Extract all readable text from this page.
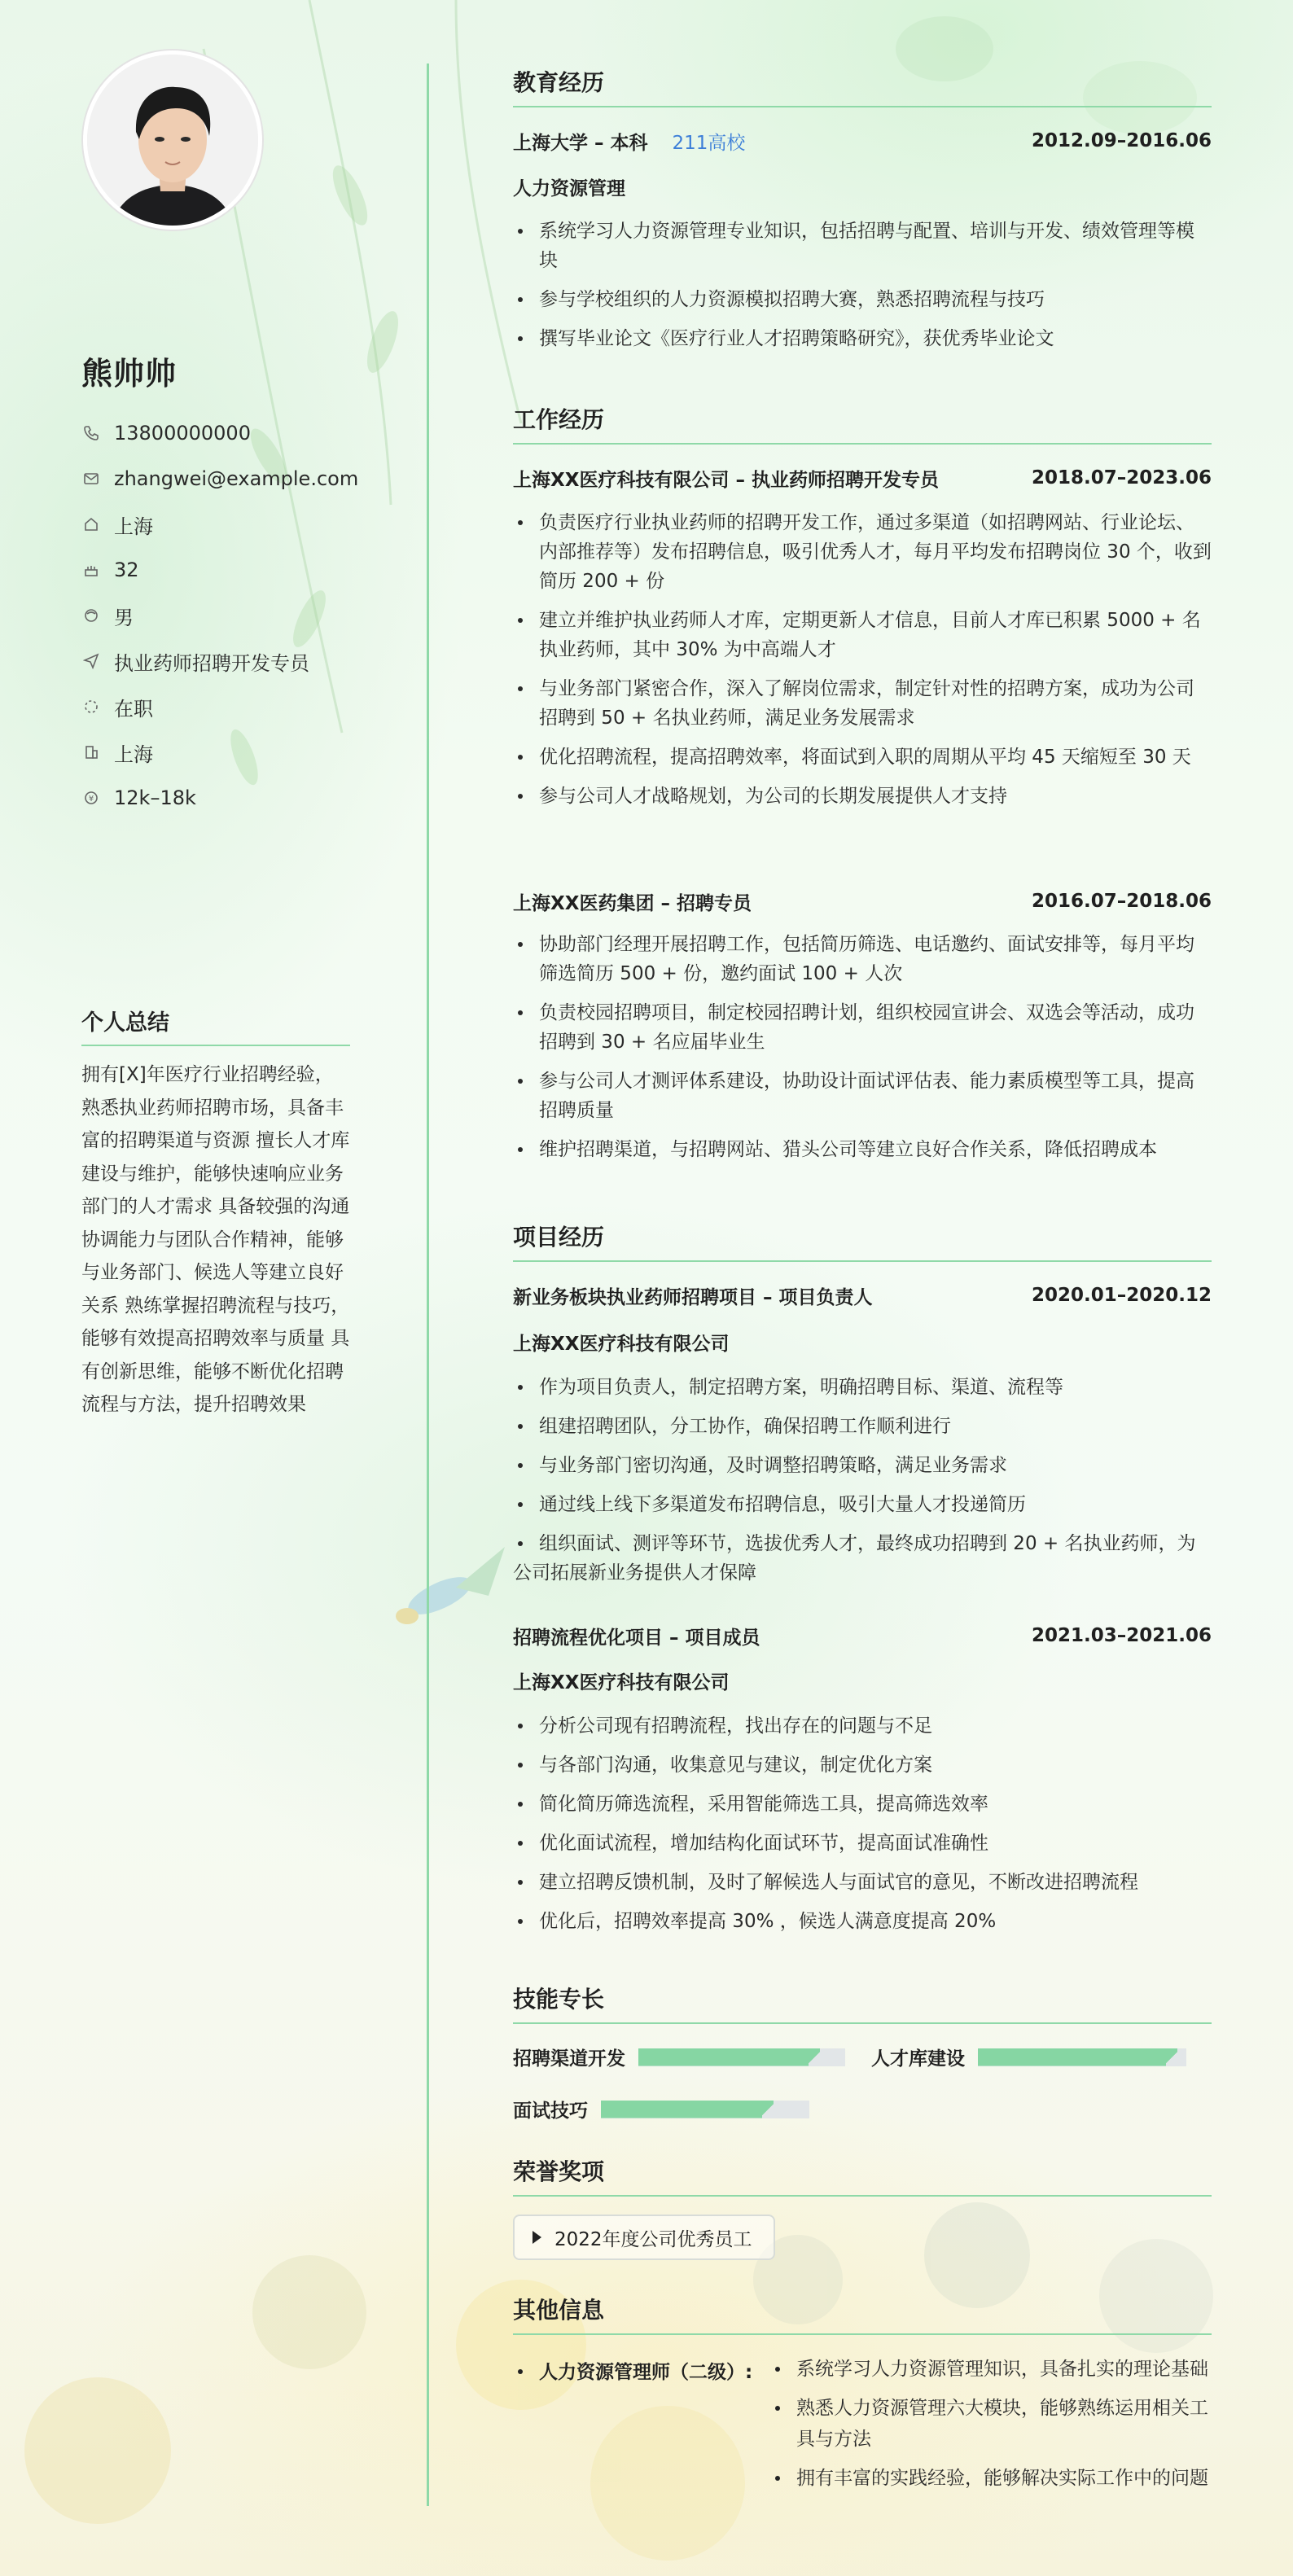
熊帅帅
13800000000
zhangwei@example.com
上海
32
男
执业药师招聘开发专员
在职
上海
¥ 12k–18k
个人总结
拥有[X]年医疗行业招聘经验，熟悉执业药师招聘市场，具备丰富的招聘渠道与资源 擅长人才库建设与维护，能够快速响应业务部门的人才需求 具备较强的沟通协调能力与团队合作精神，能够与业务部门、候选人等建立良好关系 熟练掌握招聘流程与技巧，能够有效提高招聘效率与质量 具有创新思维，能够不断优化招聘流程与方法，提升招聘效果
教育经历
上海大学 – 本科 211高校	2012.09–2016.06
人力资源管理
系统学习人力资源管理专业知识，包括招聘与配置、培训与开发、绩效管理等模块
参与学校组织的人力资源模拟招聘大赛，熟悉招聘流程与技巧
撰写毕业论文《医疗行业人才招聘策略研究》，获优秀毕业论文
工作经历
上海XX医疗科技有限公司 – 执业药师招聘开发专员	2018.07–2023.06
负责医疗行业执业药师的招聘开发工作，通过多渠道（如招聘网站、行业论坛、内部推荐等）发布招聘信息，吸引优秀人才，每月平均发布招聘岗位 30 个，收到简历 200 + 份
建立并维护执业药师人才库，定期更新人才信息，目前人才库已积累 5000 + 名执业药师，其中 30% 为中高端人才
与业务部门紧密合作，深入了解岗位需求，制定针对性的招聘方案，成功为公司招聘到 50 + 名执业药师，满足业务发展需求
优化招聘流程，提高招聘效率，将面试到入职的周期从平均 45 天缩短至 30 天
参与公司人才战略规划，为公司的长期发展提供人才支持
上海XX医药集团 – 招聘专员	2016.07–2018.06
协助部门经理开展招聘工作，包括简历筛选、电话邀约、面试安排等，每月平均筛选简历 500 + 份，邀约面试 100 + 人次
负责校园招聘项目，制定校园招聘计划，组织校园宣讲会、双选会等活动，成功招聘到 30 + 名应届毕业生
参与公司人才测评体系建设，协助设计面试评估表、能力素质模型等工具，提高招聘质量
维护招聘渠道，与招聘网站、猎头公司等建立良好合作关系，降低招聘成本
项目经历
新业务板块执业药师招聘项目 – 项目负责人	2020.01–2020.12
上海XX医疗科技有限公司
作为项目负责人，制定招聘方案，明确招聘目标、渠道、流程等
组建招聘团队，分工协作，确保招聘工作顺利进行
与业务部门密切沟通，及时调整招聘策略，满足业务需求
通过线上线下多渠道发布招聘信息，吸引大量人才投递简历
组织面试、测评等环节，选拔优秀人才，最终成功招聘到 20 + 名执业药师，为公司拓展新业务提供人才保障
招聘流程优化项目 – 项目成员	2021.03–2021.06
上海XX医疗科技有限公司
分析公司现有招聘流程，找出存在的问题与不足
与各部门沟通，收集意见与建议，制定优化方案
简化简历筛选流程，采用智能筛选工具，提高筛选效率
优化面试流程，增加结构化面试环节，提高面试准确性
建立招聘反馈机制，及时了解候选人与面试官的意见，不断改进招聘流程
优化后，招聘效率提高 30% ，候选人满意度提高 20%
技能专长
招聘渠道开发	人才库建设
面试技巧
荣誉奖项
2022年度公司优秀员工
其他信息
人力资源管理师（二级）:	系统学习人力资源管理知识，具备扎实的理论基础
熟悉人力资源管理六大模块，能够熟练运用相关工具与方法
拥有丰富的实践经验，能够解决实际工作中的问题
